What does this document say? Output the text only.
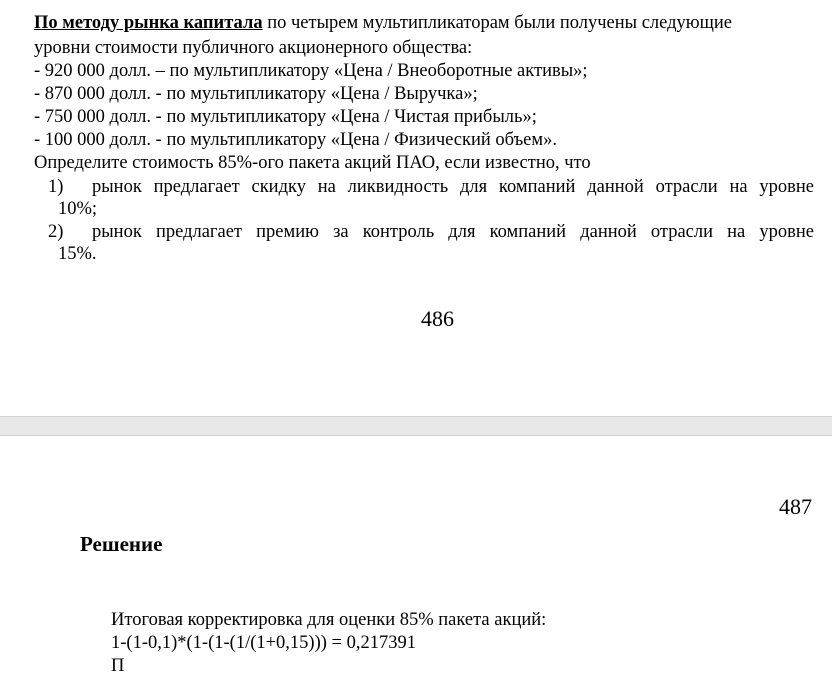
По методу рынка капитала по четырем мультипликаторам были получены следующие
уровни стоимости публичного акционерного общества:
- 920 000 долл. – по мультипликатору «Цена / Внеоборотные активы»;
- 870 000 долл. - по мультипликатору «Цена / Выручка»;
- 750 000 долл. - по мультипликатору «Цена / Чистая прибыль»;
- 100 000 долл. - по мультипликатору «Цена / Физический объем».
Определите стоимость 85%-ого пакета акций ПАО, если известно, что
1) рынок предлагает скидку на ликвидность для компаний данной отрасли на уровне
10%;
2) рынок предлагает премию за контроль для компаний данной отрасли на уровне
15%.
486
487
Решение
Итоговая корректировка для оценки 85% пакета акций:
1-(1-0,1)*(1-(1-(1/(1+0,15))) = 0,217391
П
